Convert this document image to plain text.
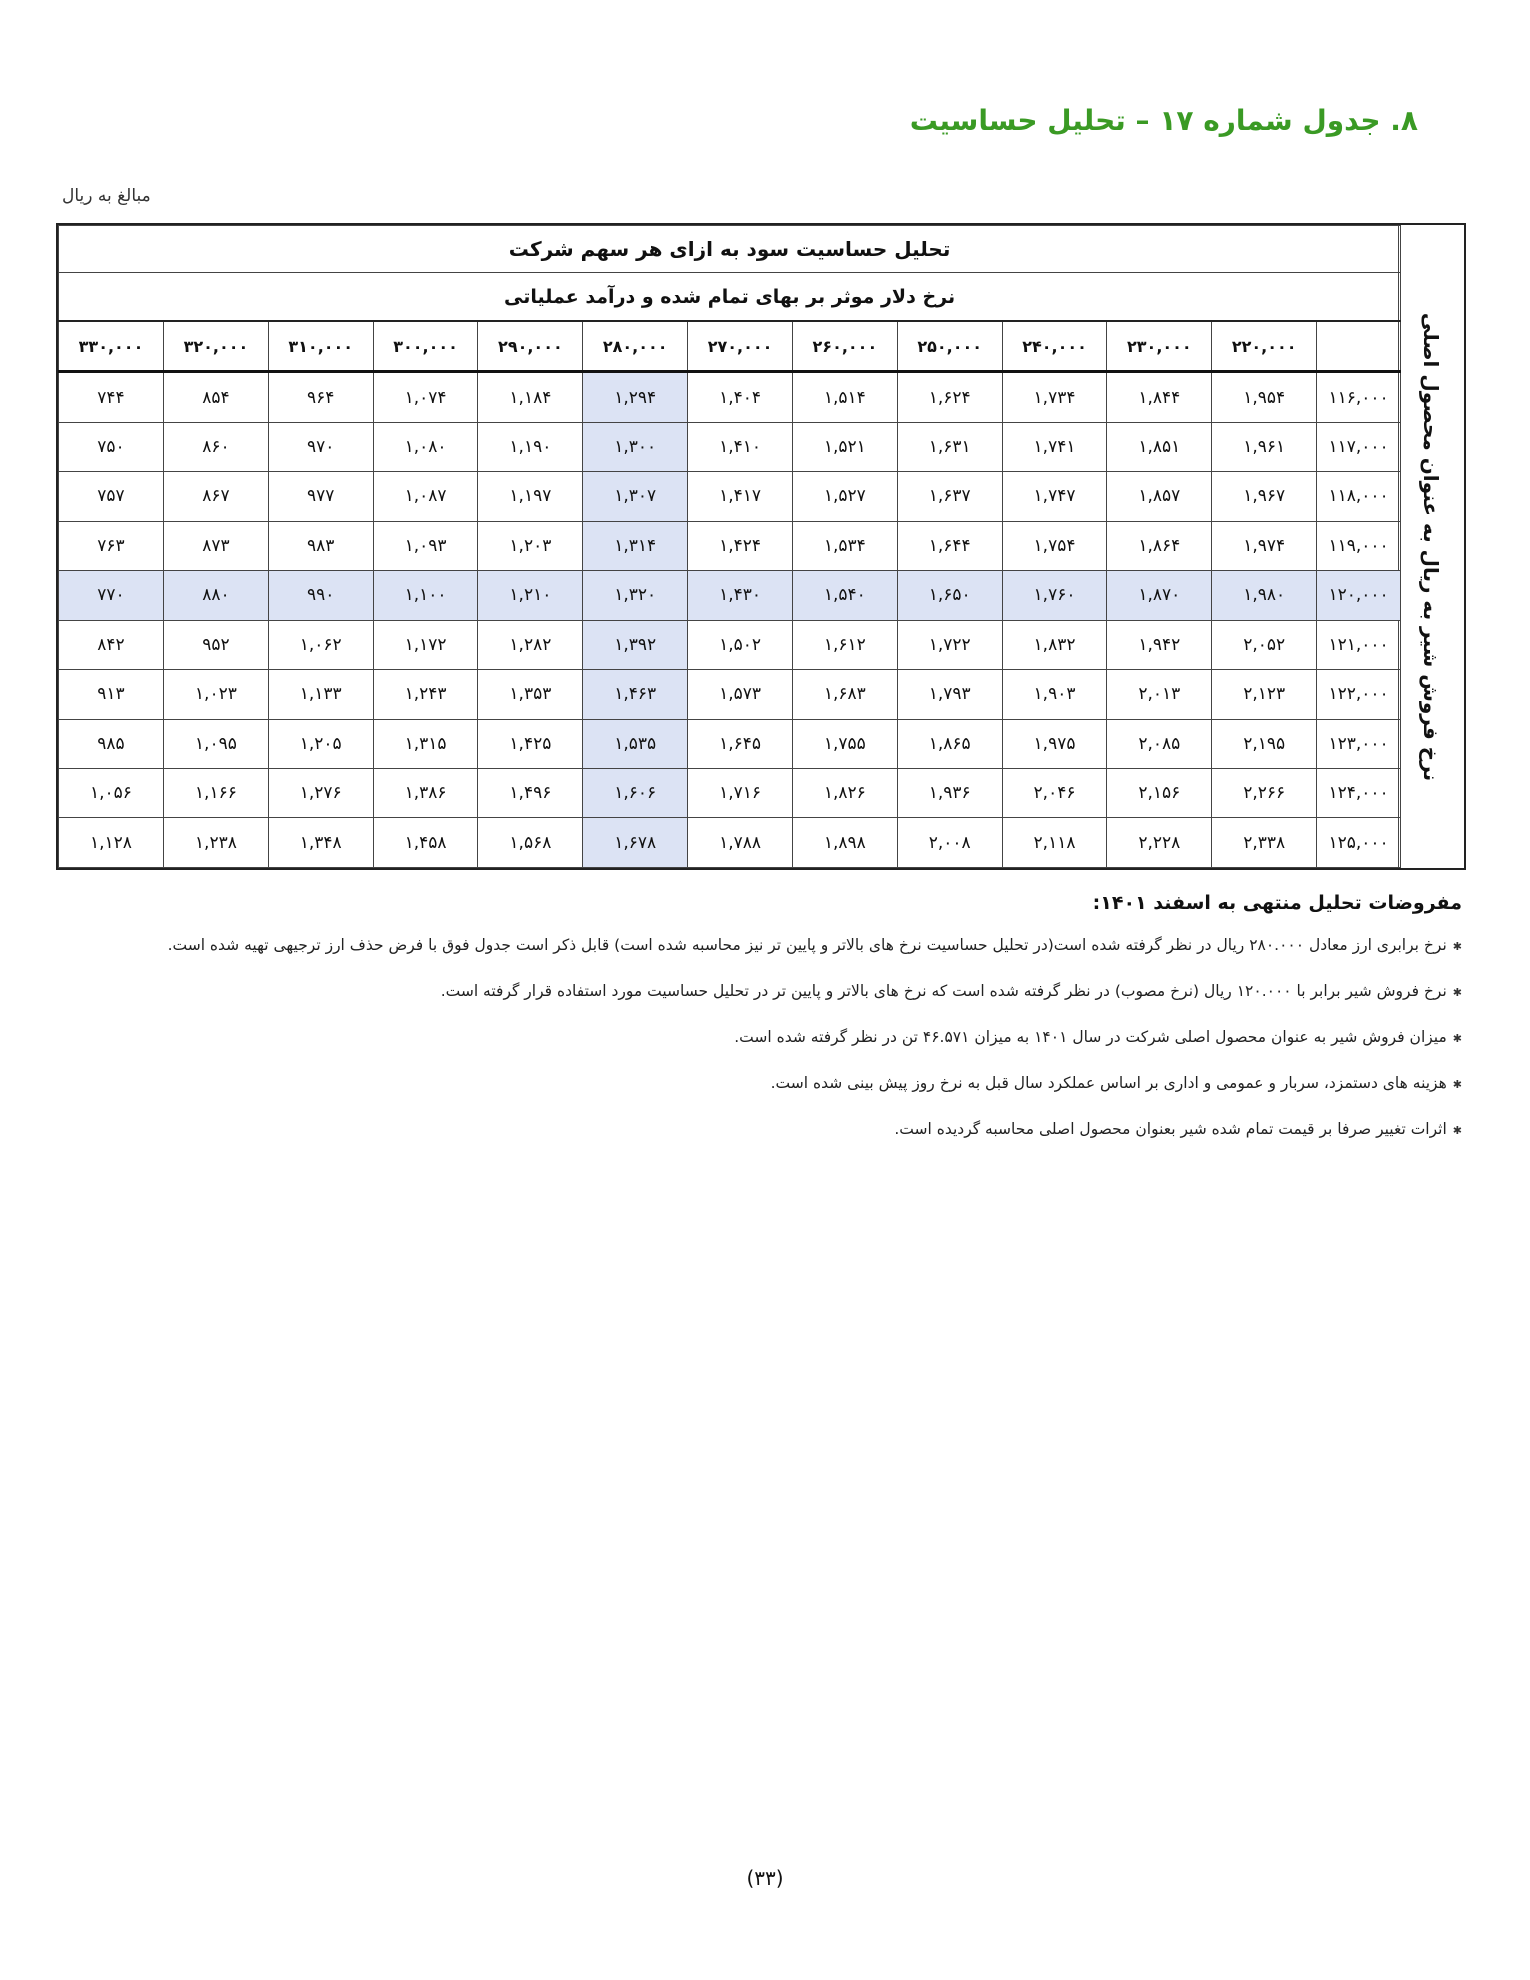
۸. جدول شماره ۱۷ – تحلیل حساسیت
مبالغ به ریال
نرخ فروش شیر به ریال به عنوان محصول اصلی
تحلیل حساسیت سود به ازای هر سهم شرکت												
نرخ دلار موثر بر بهای تمام شده و درآمد عملیاتی												
	۲۲۰,۰۰۰	۲۳۰,۰۰۰	۲۴۰,۰۰۰	۲۵۰,۰۰۰	۲۶۰,۰۰۰	۲۷۰,۰۰۰	۲۸۰,۰۰۰	۲۹۰,۰۰۰	۳۰۰,۰۰۰	۳۱۰,۰۰۰	۳۲۰,۰۰۰	۳۳۰,۰۰۰
۱۱۶,۰۰۰	۱,۹۵۴	۱,۸۴۴	۱,۷۳۴	۱,۶۲۴	۱,۵۱۴	۱,۴۰۴	۱,۲۹۴	۱,۱۸۴	۱,۰۷۴	۹۶۴	۸۵۴	۷۴۴
۱۱۷,۰۰۰	۱,۹۶۱	۱,۸۵۱	۱,۷۴۱	۱,۶۳۱	۱,۵۲۱	۱,۴۱۰	۱,۳۰۰	۱,۱۹۰	۱,۰۸۰	۹۷۰	۸۶۰	۷۵۰
۱۱۸,۰۰۰	۱,۹۶۷	۱,۸۵۷	۱,۷۴۷	۱,۶۳۷	۱,۵۲۷	۱,۴۱۷	۱,۳۰۷	۱,۱۹۷	۱,۰۸۷	۹۷۷	۸۶۷	۷۵۷
۱۱۹,۰۰۰	۱,۹۷۴	۱,۸۶۴	۱,۷۵۴	۱,۶۴۴	۱,۵۳۴	۱,۴۲۴	۱,۳۱۴	۱,۲۰۳	۱,۰۹۳	۹۸۳	۸۷۳	۷۶۳
۱۲۰,۰۰۰	۱,۹۸۰	۱,۸۷۰	۱,۷۶۰	۱,۶۵۰	۱,۵۴۰	۱,۴۳۰	۱,۳۲۰	۱,۲۱۰	۱,۱۰۰	۹۹۰	۸۸۰	۷۷۰
۱۲۱,۰۰۰	۲,۰۵۲	۱,۹۴۲	۱,۸۳۲	۱,۷۲۲	۱,۶۱۲	۱,۵۰۲	۱,۳۹۲	۱,۲۸۲	۱,۱۷۲	۱,۰۶۲	۹۵۲	۸۴۲
۱۲۲,۰۰۰	۲,۱۲۳	۲,۰۱۳	۱,۹۰۳	۱,۷۹۳	۱,۶۸۳	۱,۵۷۳	۱,۴۶۳	۱,۳۵۳	۱,۲۴۳	۱,۱۳۳	۱,۰۲۳	۹۱۳
۱۲۳,۰۰۰	۲,۱۹۵	۲,۰۸۵	۱,۹۷۵	۱,۸۶۵	۱,۷۵۵	۱,۶۴۵	۱,۵۳۵	۱,۴۲۵	۱,۳۱۵	۱,۲۰۵	۱,۰۹۵	۹۸۵
۱۲۴,۰۰۰	۲,۲۶۶	۲,۱۵۶	۲,۰۴۶	۱,۹۳۶	۱,۸۲۶	۱,۷۱۶	۱,۶۰۶	۱,۴۹۶	۱,۳۸۶	۱,۲۷۶	۱,۱۶۶	۱,۰۵۶
۱۲۵,۰۰۰	۲,۳۳۸	۲,۲۲۸	۲,۱۱۸	۲,۰۰۸	۱,۸۹۸	۱,۷۸۸	۱,۶۷۸	۱,۵۶۸	۱,۴۵۸	۱,۳۴۸	۱,۲۳۸	۱,۱۲۸
مفروضات تحلیل منتهی به اسفند ۱۴۰۱:
✱ نرخ برابری ارز معادل ۲۸۰.۰۰۰ ریال در نظر گرفته شده است(در تحلیل حساسیت نرخ های بالاتر و پایین تر نیز محاسبه شده است) قابل ذکر است جدول فوق با فرض حذف ارز ترجیهی تهیه شده است.
✱ نرخ فروش شیر برابر با ۱۲۰.۰۰۰ ریال (نرخ مصوب) در نظر گرفته شده است که نرخ های بالاتر و پایین تر در تحلیل حساسیت مورد استفاده قرار گرفته است.
✱ میزان فروش شیر به عنوان محصول اصلی شرکت در سال ۱۴۰۱ به میزان ۴۶.۵۷۱ تن در نظر گرفته شده است.
✱ هزینه های دستمزد، سربار و عمومی و اداری بر اساس عملکرد سال قبل به نرخ روز پیش بینی شده است.
✱ اثرات تغییر صرفا بر قیمت تمام شده شیر بعنوان محصول اصلی محاسبه گردیده است.
(۳۳)
